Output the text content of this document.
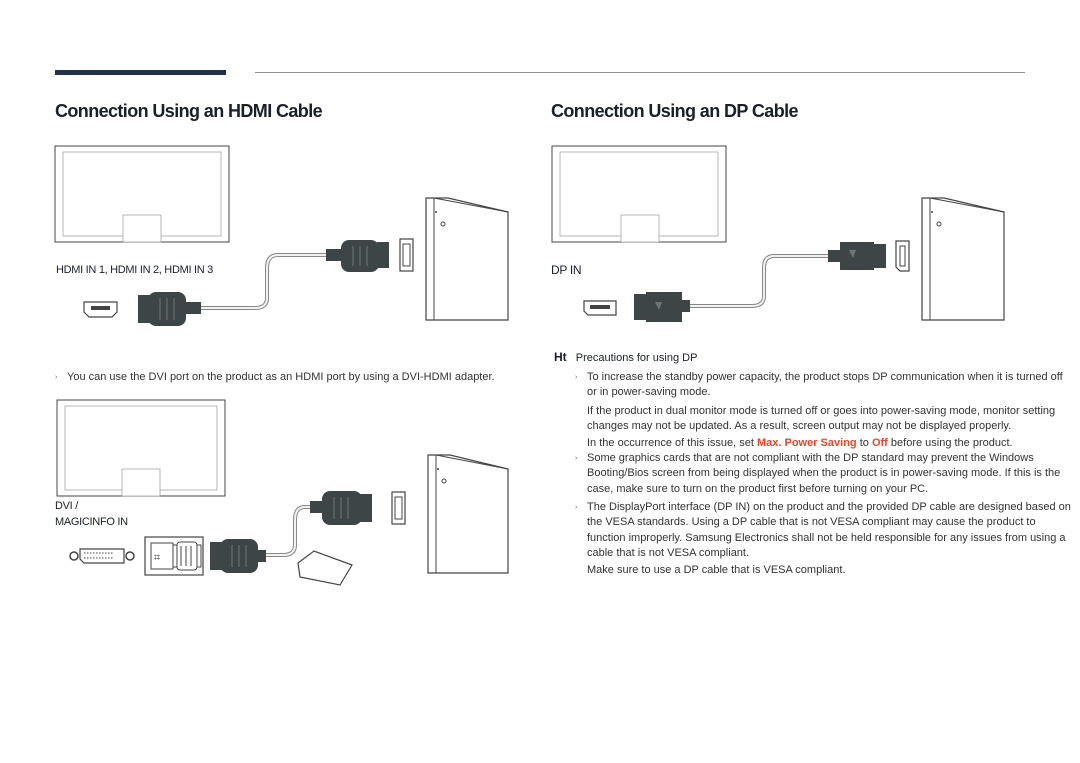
Connection Using an HDMI Cable	Connection Using an DP Cable
HDMI IN 1, HDMI IN 2, HDMI IN 3
› You can use the DVI port on the product as an HDMI port by using a DVI-HDMI adapter.
⌗
DVI /
MAGICINFO IN
DP IN
Ht Precautions for using DP
› To increase the standby power capacity, the product stops DP communication when it is turned off or in power-saving mode.
If the product in dual monitor mode is turned off or goes into power-saving mode, monitor setting changes may not be updated. As a result, screen output may not be displayed properly.
In the occurrence of this issue, set Max. Power Saving to Off before using the product.
› Some graphics cards that are not compliant with the DP standard may prevent the Windows Booting/Bios screen from being displayed when the product is in power-saving mode. If this is the case, make sure to turn on the product first before turning on your PC.
› The DisplayPort interface (DP IN) on the product and the provided DP cable are designed based on the VESA standards. Using a DP cable that is not VESA compliant may cause the product to function improperly. Samsung Electronics shall not be held responsible for any issues from using a cable that is not VESA compliant.
Make sure to use a DP cable that is VESA compliant.
